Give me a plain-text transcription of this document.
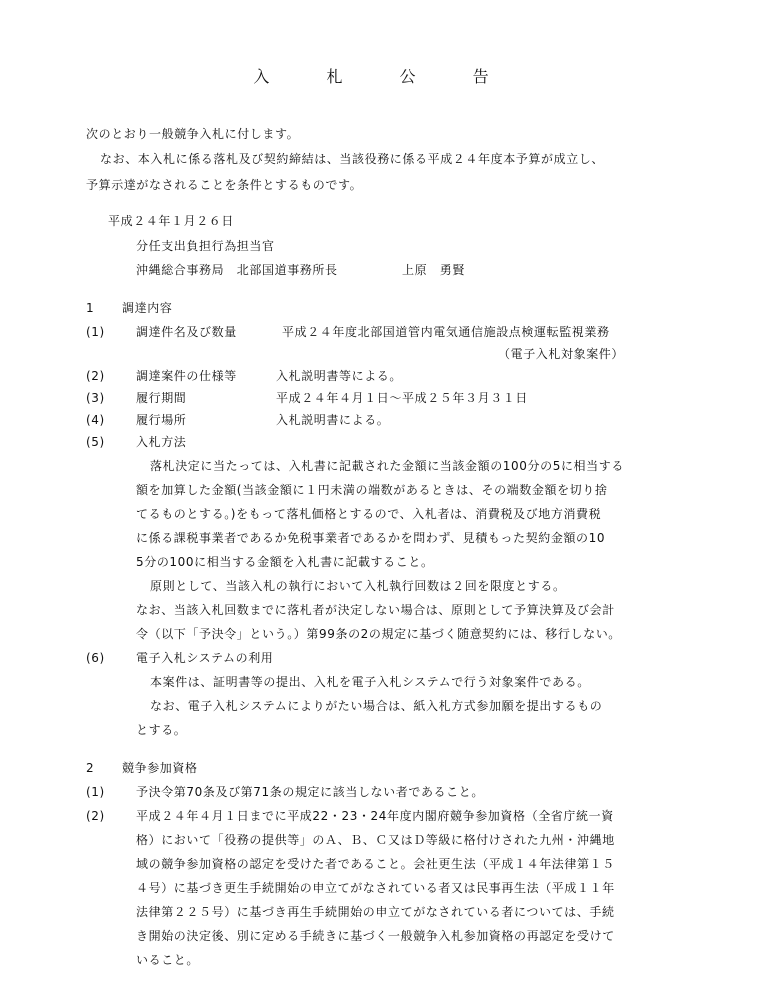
入 札 公 告
次のとおり一般競争入札に付します。
なお、本入札に係る落札及び契約締結は、当該役務に係る平成２４年度本予算が成立し、
予算示達がなされることを条件とするものです。
平成２４年１月２６日
分任支出負担行為担当官
沖縄総合事務局　北部国道事務所長	上原　勇賢
1 調達内容
(1)	調達件名及び数量	平成２４年度北部国道管内電気通信施設点検運転監視業務
（電子入札対象案件）
(2)	調達案件の仕様等	入札説明書等による。
(3)	履行期間	平成２４年４月１日～平成２５年３月３１日
(4)	履行場所	入札説明書による。
(5)	入札方法
落札決定に当たっては、入札書に記載された金額に当該金額の100分の5に相当する
額を加算した金額(当該金額に１円未満の端数があるときは、その端数金額を切り捨
てるものとする。)をもって落札価格とするので、入札者は、消費税及び地方消費税
に係る課税事業者であるか免税事業者であるかを問わず、見積もった契約金額の10
5分の100に相当する金額を入札書に記載すること。
原則として、当該入札の執行において入札執行回数は２回を限度とする。
なお、当該入札回数までに落札者が決定しない場合は、原則として予算決算及び会計
令（以下「予決令」という。）第99条の2の規定に基づく随意契約には、移行しない。
(6)	電子入札システムの利用
本案件は、証明書等の提出、入札を電子入札システムで行う対象案件である。
なお、電子入札システムによりがたい場合は、紙入札方式参加願を提出するもの
とする。
2 競争参加資格
(1)	予決令第70条及び第71条の規定に該当しない者であること。
(2)	平成２４年４月１日までに平成22・23・24年度内閣府競争参加資格（全省庁統一資
格）において「役務の提供等」のＡ、Ｂ、Ｃ又はＤ等級に格付けされた九州・沖縄地
域の競争参加資格の認定を受けた者であること。会社更生法（平成１４年法律第１５
４号）に基づき更生手続開始の申立てがなされている者又は民事再生法（平成１１年
法律第２２５号）に基づき再生手続開始の申立てがなされている者については、手続
き開始の決定後、別に定める手続きに基づく一般競争入札参加資格の再認定を受けて
いること。
